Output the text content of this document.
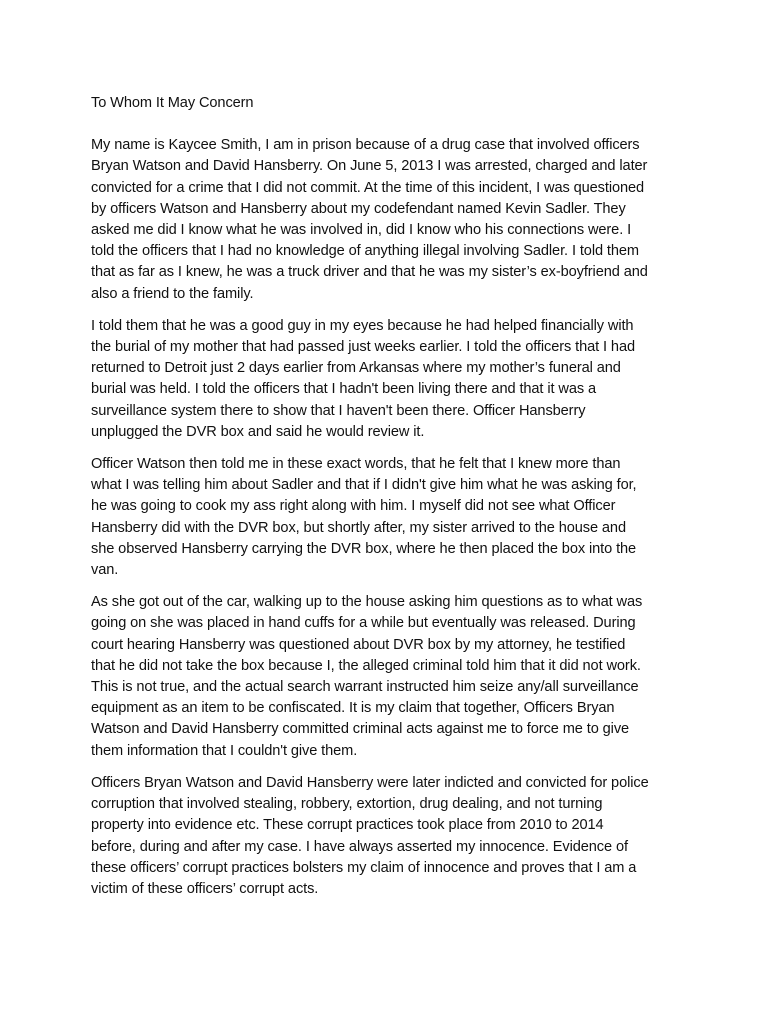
To Whom It May Concern

My name is Kaycee Smith, I am in prison because of a drug case that involved officers
Bryan Watson and David Hansberry. On June 5, 2013 I was arrested, charged and later
convicted for a crime that I did not commit. At the time of this incident, I was questioned
by officers Watson and Hansberry about my codefendant named Kevin Sadler. They
asked me did I know what he was involved in, did I know who his connections were. I
told the officers that I had no knowledge of anything illegal involving Sadler. I told them
that as far as I knew, he was a truck driver and that he was my sister’s ex-boyfriend and
also a friend to the family.

I told them that he was a good guy in my eyes because he had helped financially with
the burial of my mother that had passed just weeks earlier. I told the officers that I had
returned to Detroit just 2 days earlier from Arkansas where my mother’s funeral and
burial was held. I told the officers that I hadn't been living there and that it was a
surveillance system there to show that I haven't been there. Officer Hansberry
unplugged the DVR box and said he would review it.

Officer Watson then told me in these exact words, that he felt that I knew more than
what I was telling him about Sadler and that if I didn't give him what he was asking for,
he was going to cook my ass right along with him. I myself did not see what Officer
Hansberry did with the DVR box, but shortly after, my sister arrived to the house and
she observed Hansberry carrying the DVR box, where he then placed the box into the
van.

As she got out of the car, walking up to the house asking him questions as to what was
going on she was placed in hand cuffs for a while but eventually was released. During
court hearing Hansberry was questioned about DVR box by my attorney, he testified
that he did not take the box because I, the alleged criminal told him that it did not work.
This is not true, and the actual search warrant instructed him seize any/all surveillance
equipment as an item to be confiscated. It is my claim that together, Officers Bryan
Watson and David Hansberry committed criminal acts against me to force me to give
them information that I couldn't give them.

Officers Bryan Watson and David Hansberry were later indicted and convicted for police
corruption that involved stealing, robbery, extortion, drug dealing, and not turning
property into evidence etc. These corrupt practices took place from 2010 to 2014
before, during and after my case. I have always asserted my innocence. Evidence of
these officers’ corrupt practices bolsters my claim of innocence and proves that I am a
victim of these officers’ corrupt acts.
